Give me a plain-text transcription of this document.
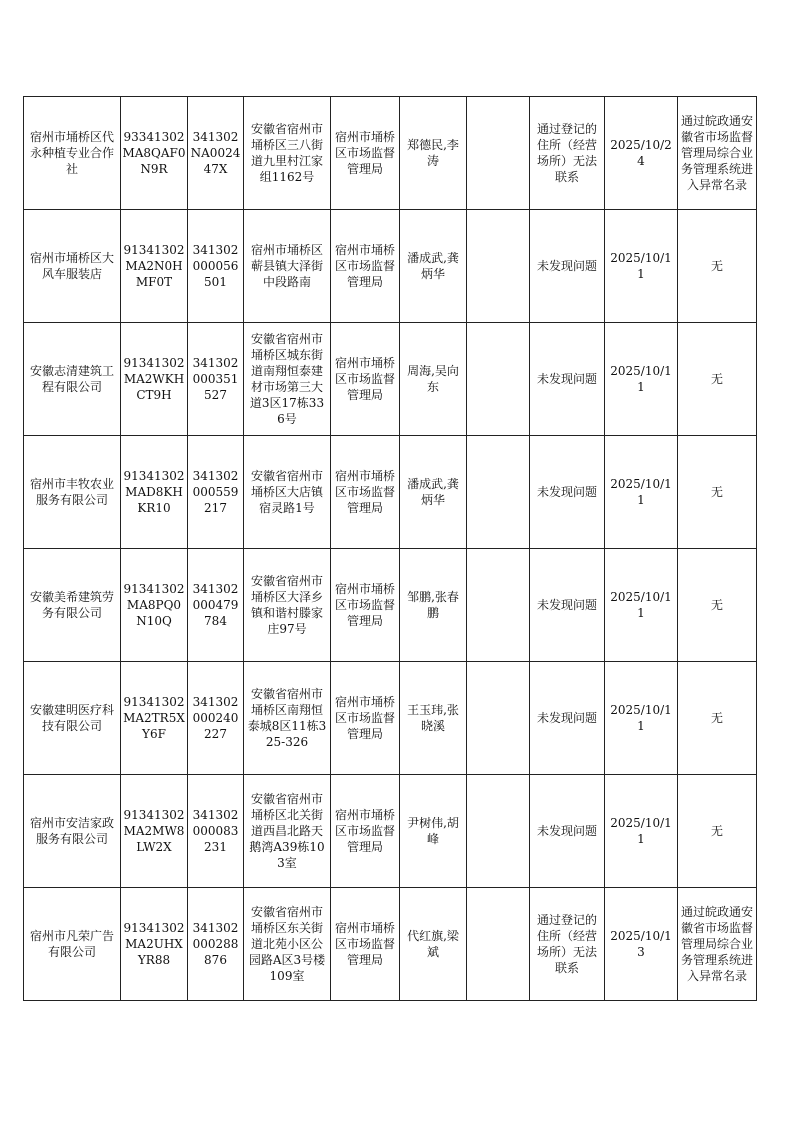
宿州市埇桥区代永种植专业合作社	93341302MA8QAF0N9R	341302NA002447X	安徽省宿州市埇桥区三八街道九里村江家组1162号	宿州市埇桥区市场监督管理局	郑德民,李涛		通过登记的住所（经营场所）无法联系	2025/10/24	通过皖政通安徽省市场监督管理局综合业务管理系统进入异常名录
宿州市埇桥区大风车服装店	91341302MA2N0HMF0T	341302000056501	宿州市埇桥区蕲县镇大泽街中段路南	宿州市埇桥区市场监督管理局	潘成武,龚炳华		未发现问题	2025/10/11	无
安徽志清建筑工程有限公司	91341302MA2WKHCT9H	341302000351527	安徽省宿州市埇桥区城东街道南翔恒泰建材市场第三大道3区17栋336号	宿州市埇桥区市场监督管理局	周海,吴向东		未发现问题	2025/10/11	无
宿州市丰牧农业服务有限公司	91341302MAD8KHKR10	341302000559217	安徽省宿州市埇桥区大店镇宿灵路1号	宿州市埇桥区市场监督管理局	潘成武,龚炳华		未发现问题	2025/10/11	无
安徽美希建筑劳务有限公司	91341302MA8PQ0N10Q	341302000479784	安徽省宿州市埇桥区大泽乡镇和谐村滕家庄97号	宿州市埇桥区市场监督管理局	邹鹏,张春鹏		未发现问题	2025/10/11	无
安徽建明医疗科技有限公司	91341302MA2TR5XY6F	341302000240227	安徽省宿州市埇桥区南翔恒泰城8区11栋325-326	宿州市埇桥区市场监督管理局	王玉玮,张晓溪		未发现问题	2025/10/11	无
宿州市安洁家政服务有限公司	91341302MA2MW8LW2X	341302000083231	安徽省宿州市埇桥区北关街道西昌北路天鹅湾A39栋103室	宿州市埇桥区市场监督管理局	尹树伟,胡峰		未发现问题	2025/10/11	无
宿州市凡荣广告有限公司	91341302MA2UHXYR88	341302000288876	安徽省宿州市埇桥区东关街道北苑小区公园路A区3号楼109室	宿州市埇桥区市场监督管理局	代红旗,梁斌		通过登记的住所（经营场所）无法联系	2025/10/13	通过皖政通安徽省市场监督管理局综合业务管理系统进入异常名录
